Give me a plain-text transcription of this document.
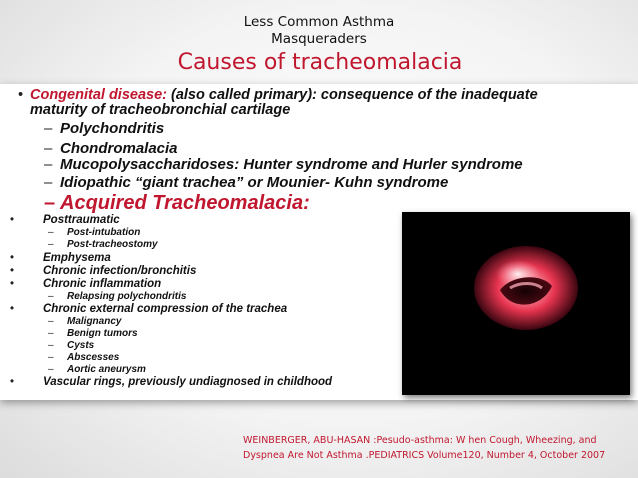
Less Common Asthma
Masqueraders
Causes of tracheomalacia
• Congenital disease: (also called primary): consequence of the inadequate
maturity of tracheobronchial cartilage
– Polychondritis
– Chondromalacia
– Mucopolysaccharidoses: Hunter syndrome and Hurler syndrome
– Idiopathic “giant trachea” or Mounier- Kuhn syndrome
– Acquired Tracheomalacia:
•	Posttraumatic
– Post-intubation
– Post-tracheostomy
•	Emphysema
•	Chronic infection/bronchitis
•	Chronic inflammation
– Relapsing polychondritis
•	Chronic external compression of the trachea
– Malignancy
– Benign tumors
– Cysts
– Abscesses
– Aortic aneurysm
•	Vascular rings, previously undiagnosed in childhood
WEINBERGER, ABU-HASAN :Pesudo-asthma: W hen Cough, Wheezing, and
Dyspnea Are Not Asthma .PEDIATRICS Volume120, Number 4, October 2007
